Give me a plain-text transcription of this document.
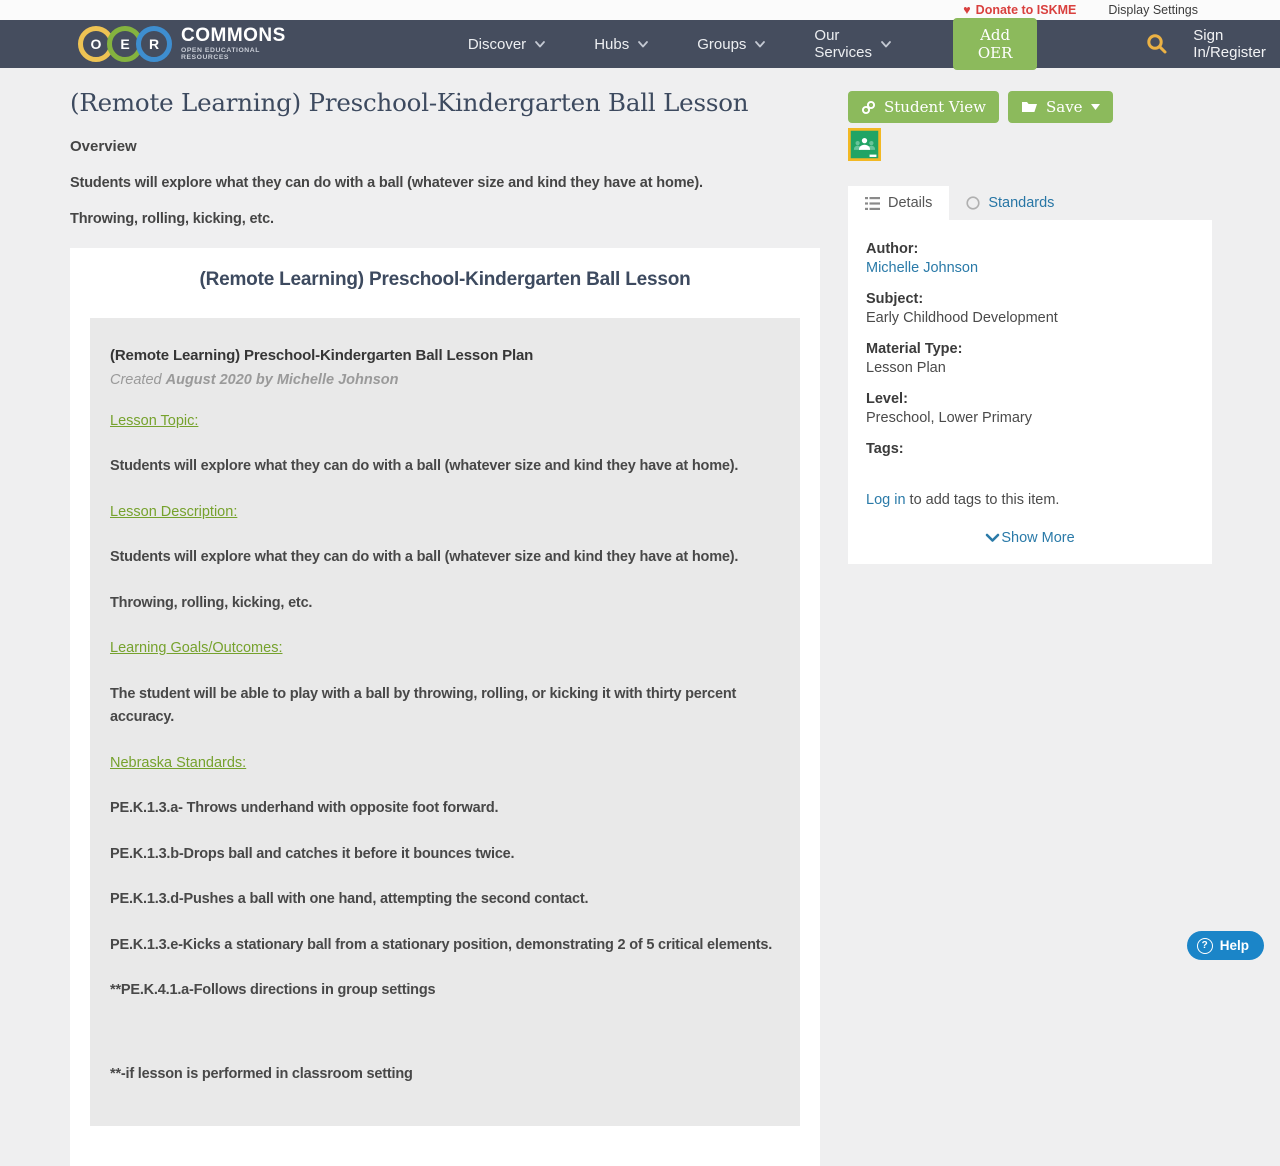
♥ Donate to ISKME	Display Settings
O	E	R	COMMONS
OPEN EDUCATIONAL RESOURCES
Discover	Hubs	Groups	Our Services
Add OER
Sign In/Register
(Remote Learning) Preschool-Kindergarten Ball Lesson
Overview

Students will explore what they can do with a ball (whatever size and kind they have at home).

Throwing, rolling, kicking, etc.

(Remote Learning) Preschool-Kindergarten Ball Lesson

(Remote Learning) Preschool-Kindergarten Ball Lesson Plan

Created August 2020 by Michelle Johnson

Lesson Topic:

Students will explore what they can do with a ball (whatever size and kind they have at home).

Lesson Description:

Students will explore what they can do with a ball (whatever size and kind they have at home).

Throwing, rolling, kicking, etc.

Learning Goals/Outcomes:

The student will be able to play with a ball by throwing, rolling, or kicking it with thirty percent accuracy.

Nebraska Standards:

PE.K.1.3.a- Throws underhand with opposite foot forward.

PE.K.1.3.b-Drops ball and catches it before it bounces twice.

PE.K.1.3.d-Pushes a ball with one hand, attempting the second contact.

PE.K.1.3.e-Kicks a stationary ball from a stationary position, demonstrating 2 of 5 critical elements.

**PE.K.4.1.a-Follows directions in group settings

**-if lesson is performed in classroom setting

Student View	Save
Details	Standards
Author:
Michelle Johnson
Subject:
Early Childhood Development
Material Type:
Lesson Plan
Level:
Preschool, Lower Primary
Tags:

Log in to add tags to this item.

Show More
? Help
